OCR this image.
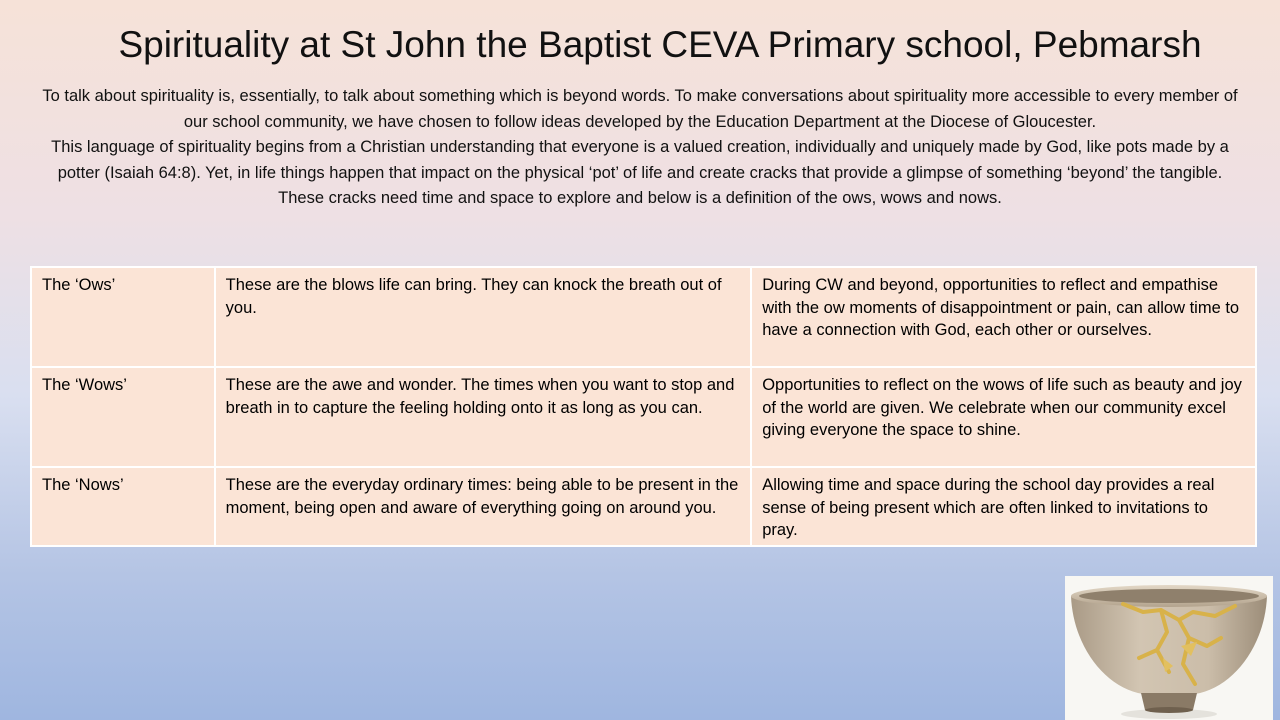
Spirituality at St John the Baptist CEVA Primary school, Pebmarsh

To talk about spirituality is, essentially, to talk about something which is beyond words. To make conversations about spirituality more accessible to every member of our school community, we have chosen to follow ideas developed by the Education Department at the Diocese of Gloucester.

This language of spirituality begins from a Christian understanding that everyone is a valued creation, individually and uniquely made by God, like pots made by a potter (Isaiah 64:8). Yet, in life things happen that impact on the physical ‘pot’ of life and create cracks that provide a glimpse of something ‘beyond’ the tangible. These cracks need time and space to explore and below is a definition of the ows, wows and nows.

The ‘Ows’	These are the blows life can bring. They can knock the breath out of you.	During CW and beyond, opportunities to reflect and empathise with the ow moments of disappointment or pain, can allow time to have a connection with God, each other or ourselves.
The ‘Wows’	These are the awe and wonder. The times when you want to stop and breath in to capture the feeling holding onto it as long as you can.	Opportunities to reflect on the wows of life such as beauty and joy of the world are given. We celebrate when our community excel giving everyone the space to shine.
The ‘Nows’	These are the everyday ordinary times: being able to be present in the moment, being open and aware of everything going on around you.	Allowing time and space during the school day provides a real sense of being present which are often linked to invitations to pray.
